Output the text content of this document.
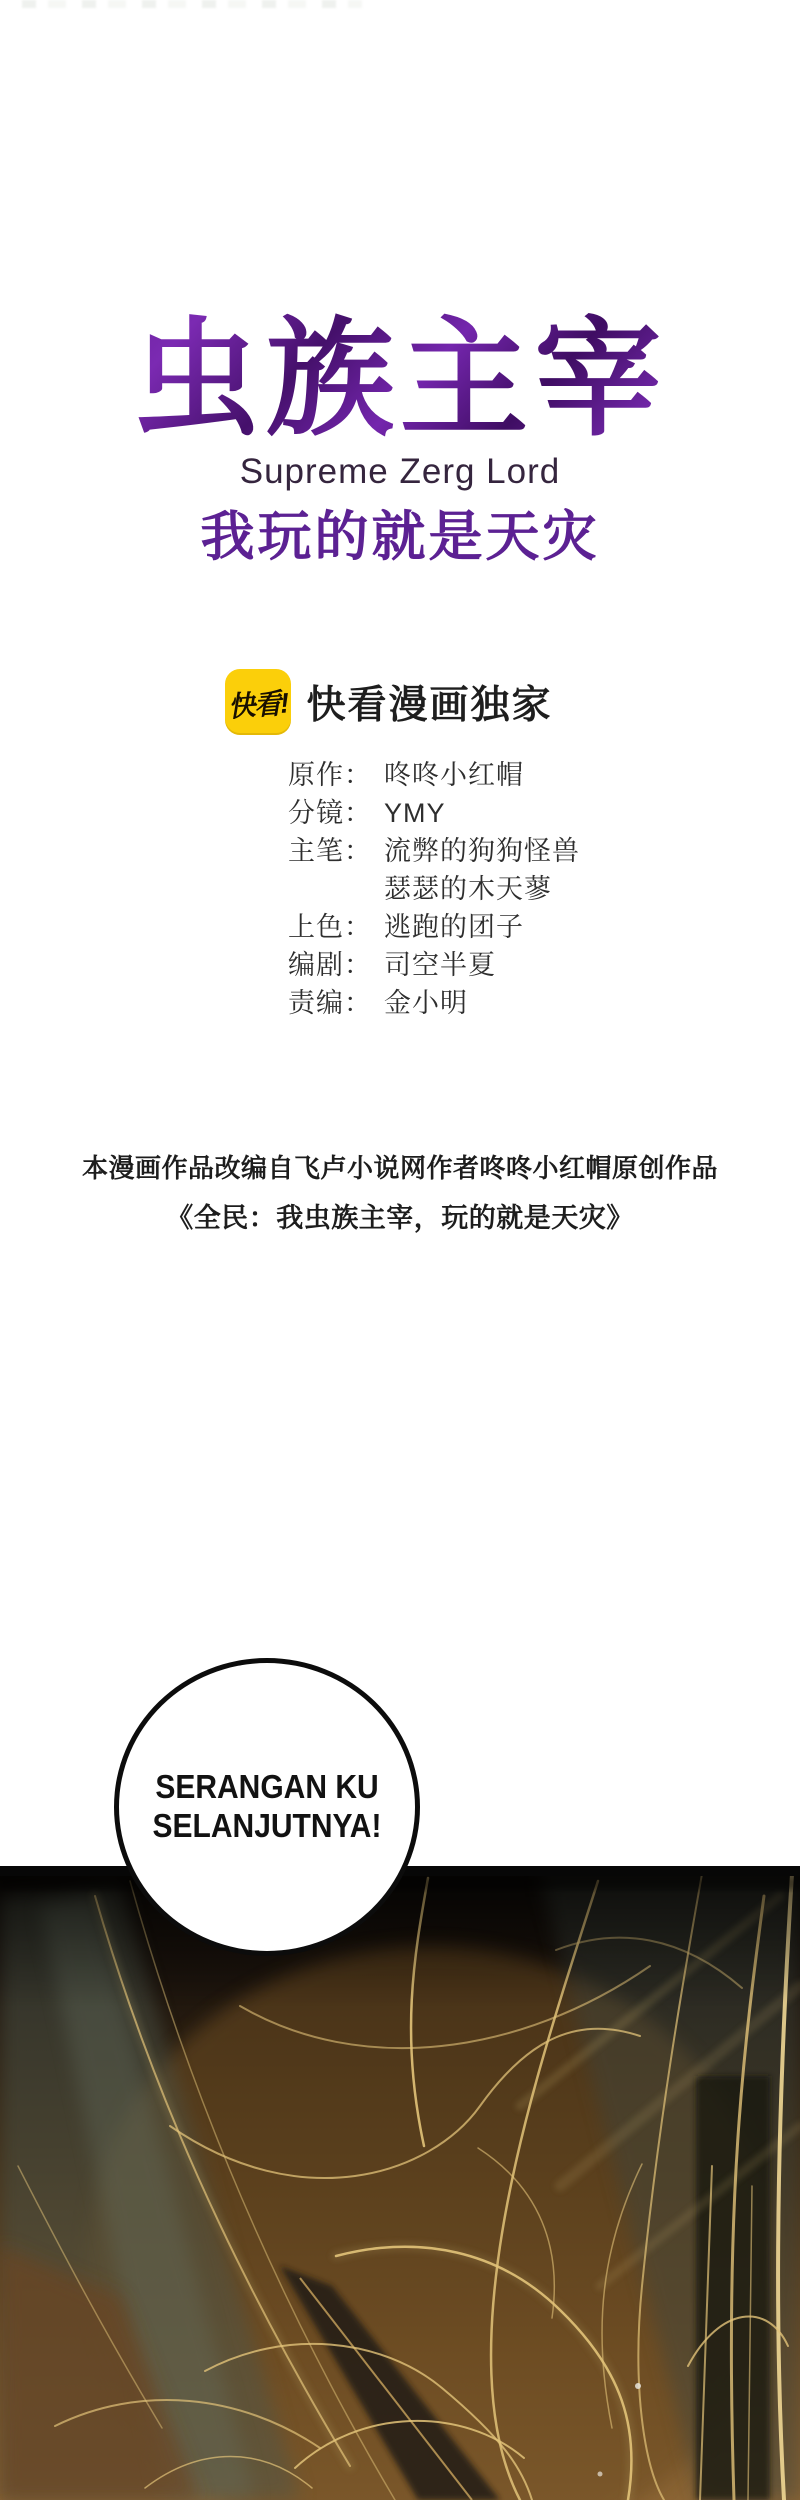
虫族主宰
Supreme Zerg Lord
我玩的就是天灾
快看! 快看漫画独家
原作： 咚咚小红帽
分镜： YMY
主笔： 流弊的狗狗怪兽
瑟瑟的木天蓼
上色： 逃跑的团子
编剧： 司空半夏
责编： 金小明
本漫画作品改编自飞卢小说网作者咚咚小红帽原创作品
《全民：我虫族主宰，玩的就是天灾》
SERANGAN KU
SELANJUTNYA!
